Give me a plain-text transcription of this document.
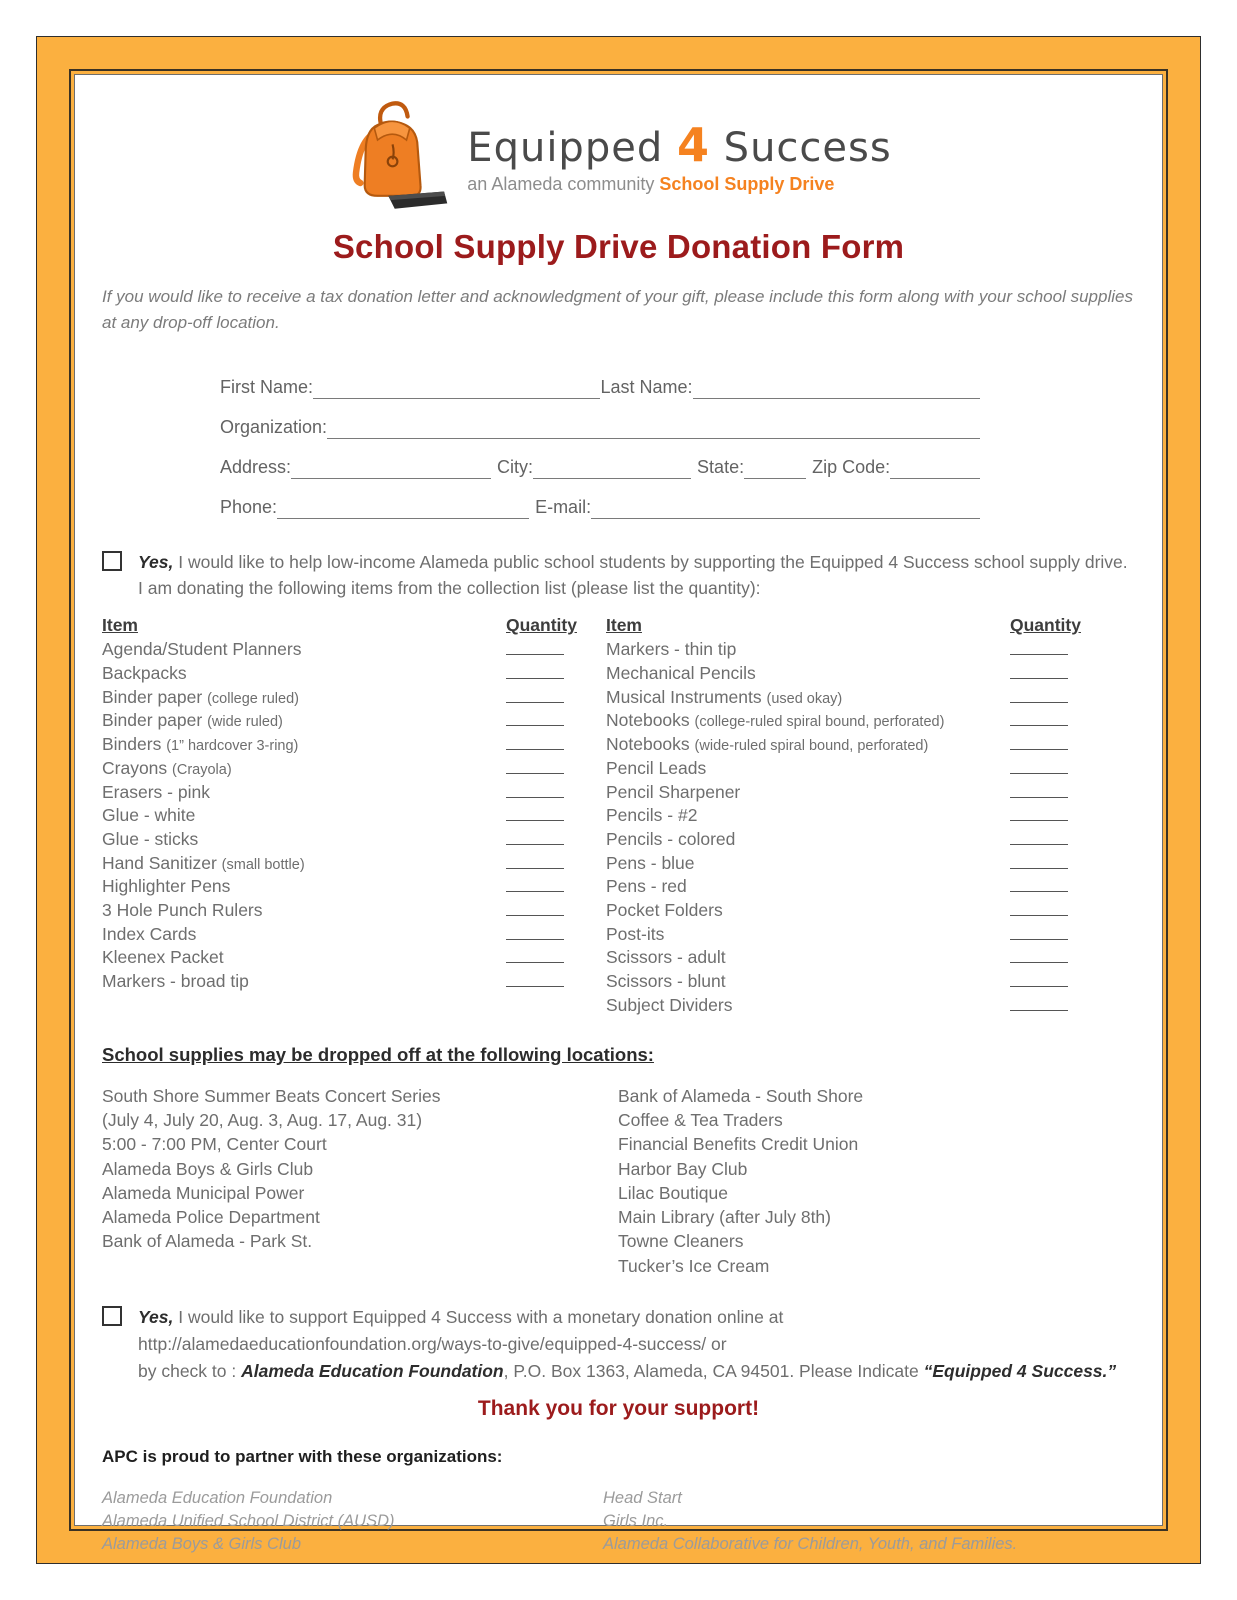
Equipped 4 Success
an Alameda community School Supply Drive
School Supply Drive Donation Form

If you would like to receive a tax donation letter and acknowledgment of your gift, please include this form along with your school supplies at any drop-off location.

First Name:	Last Name:
Organization:
Address:	City:	State:	Zip Code:
Phone:	E-mail:

Yes, I would like to help low-income Alameda public school students by supporting the Equipped 4 Success school supply drive. I am donating the following items from the collection list (please list the quantity):

Item	Quantity
Agenda/Student Planners
Backpacks
Binder paper (college ruled)
Binder paper (wide ruled)
Binders (1” hardcover 3-ring)
Crayons (Crayola)
Erasers - pink
Glue - white
Glue - sticks
Hand Sanitizer (small bottle)
Highlighter Pens
3 Hole Punch Rulers
Index Cards
Kleenex Packet
Markers - broad tip
Item	Quantity
Markers - thin tip
Mechanical Pencils
Musical Instruments (used okay)
Notebooks (college-ruled spiral bound, perforated)
Notebooks (wide-ruled spiral bound, perforated)
Pencil Leads
Pencil Sharpener
Pencils - #2
Pencils - colored
Pens - blue
Pens - red
Pocket Folders
Post-its
Scissors - adult
Scissors - blunt
Subject Dividers
School supplies may be dropped off at the following locations:
South Shore Summer Beats Concert Series
(July 4, July 20, Aug. 3, Aug. 17, Aug. 31)
5:00 - 7:00 PM, Center Court
Alameda Boys & Girls Club
Alameda Municipal Power
Alameda Police Department
Bank of Alameda - Park St.
Bank of Alameda - South Shore
Coffee & Tea Traders
Financial Benefits Credit Union
Harbor Bay Club
Lilac Boutique
Main Library (after July 8th)
Towne Cleaners
Tucker’s Ice Cream

Yes, I would like to support Equipped 4 Success with a monetary donation online at
http://alamedaeducationfoundation.org/ways-to-give/equipped-4-success/ or
by check to : Alameda Education Foundation, P.O. Box 1363, Alameda, CA 94501. Please Indicate “Equipped 4 Success.”

Thank you for your support!
APC is proud to partner with these organizations:
Alameda Education Foundation
Alameda Unified School District (AUSD)
Alameda Boys & Girls Club
Head Start
Girls Inc.
Alameda Collaborative for Children, Youth, and Families.
